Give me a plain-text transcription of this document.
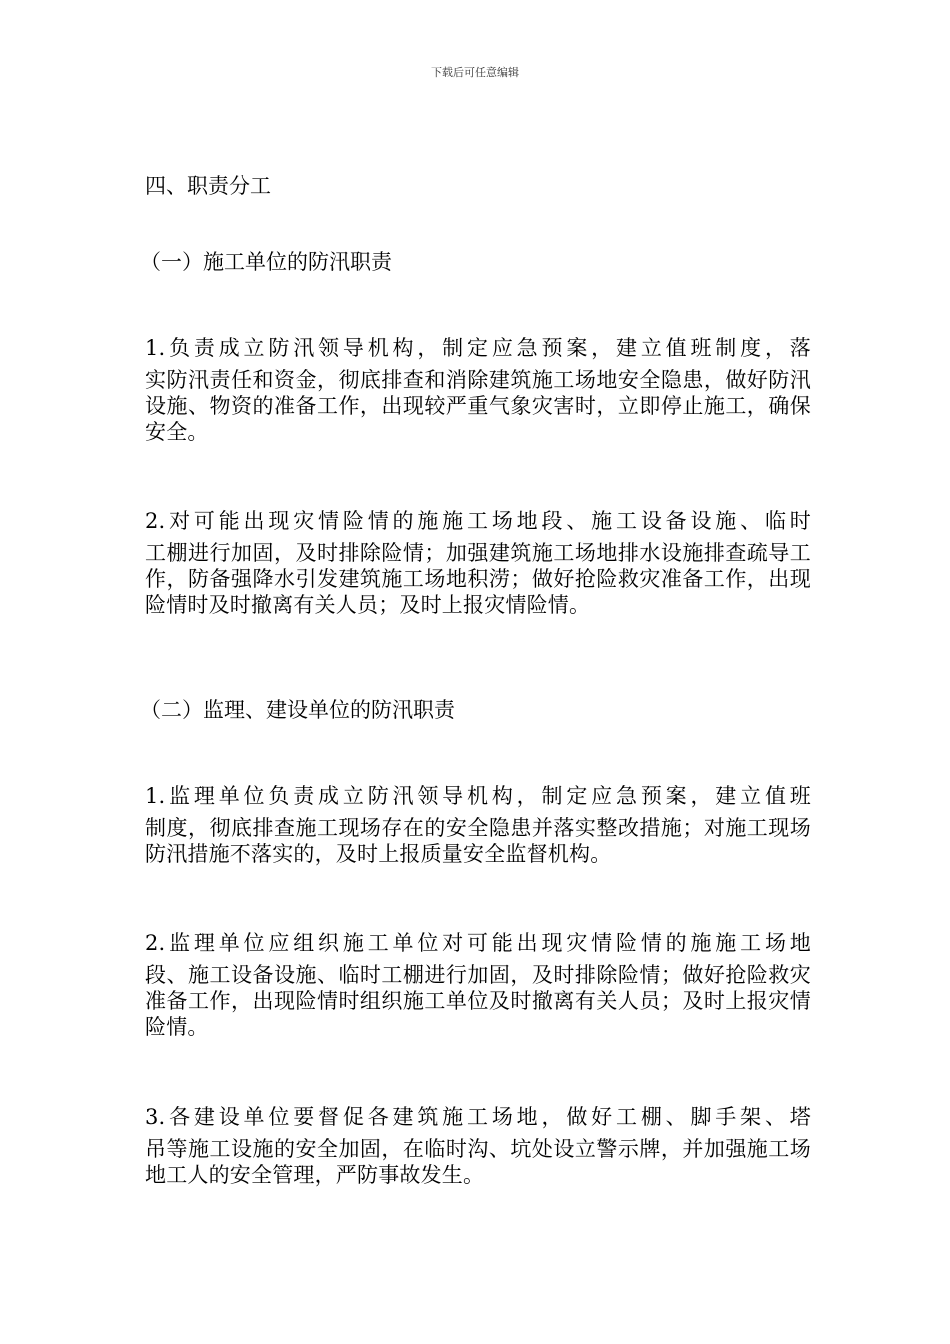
下载后可任意编辑
四、职责分工
（一）施工单位的防汛职责
1.负责成立防汛领导机构，制定应急预案，建立值班制度，落
实防汛责任和资金，彻底排查和消除建筑施工场地安全隐患，做好防汛设施、物资的准备工作，出现较严重气象灾害时，立即停止施工，确保安全。
2.对可能出现灾情险情的施施工场地段、施工设备设施、临时
工棚进行加固，及时排除险情；加强建筑施工场地排水设施排查疏导工作，防备强降水引发建筑施工场地积涝；做好抢险救灾准备工作，出现险情时及时撤离有关人员；及时上报灾情险情。
（二）监理、建设单位的防汛职责
1.监理单位负责成立防汛领导机构，制定应急预案，建立值班
制度，彻底排查施工现场存在的安全隐患并落实整改措施；对施工现场防汛措施不落实的，及时上报质量安全监督机构。
2.监理单位应组织施工单位对可能出现灾情险情的施施工场地
段、施工设备设施、临时工棚进行加固，及时排除险情；做好抢险救灾准备工作，出现险情时组织施工单位及时撤离有关人员；及时上报灾情险情。
3.各建设单位要督促各建筑施工场地，做好工棚、脚手架、塔
吊等施工设施的安全加固，在临时沟、坑处设立警示牌，并加强施工场地工人的安全管理，严防事故发生。
